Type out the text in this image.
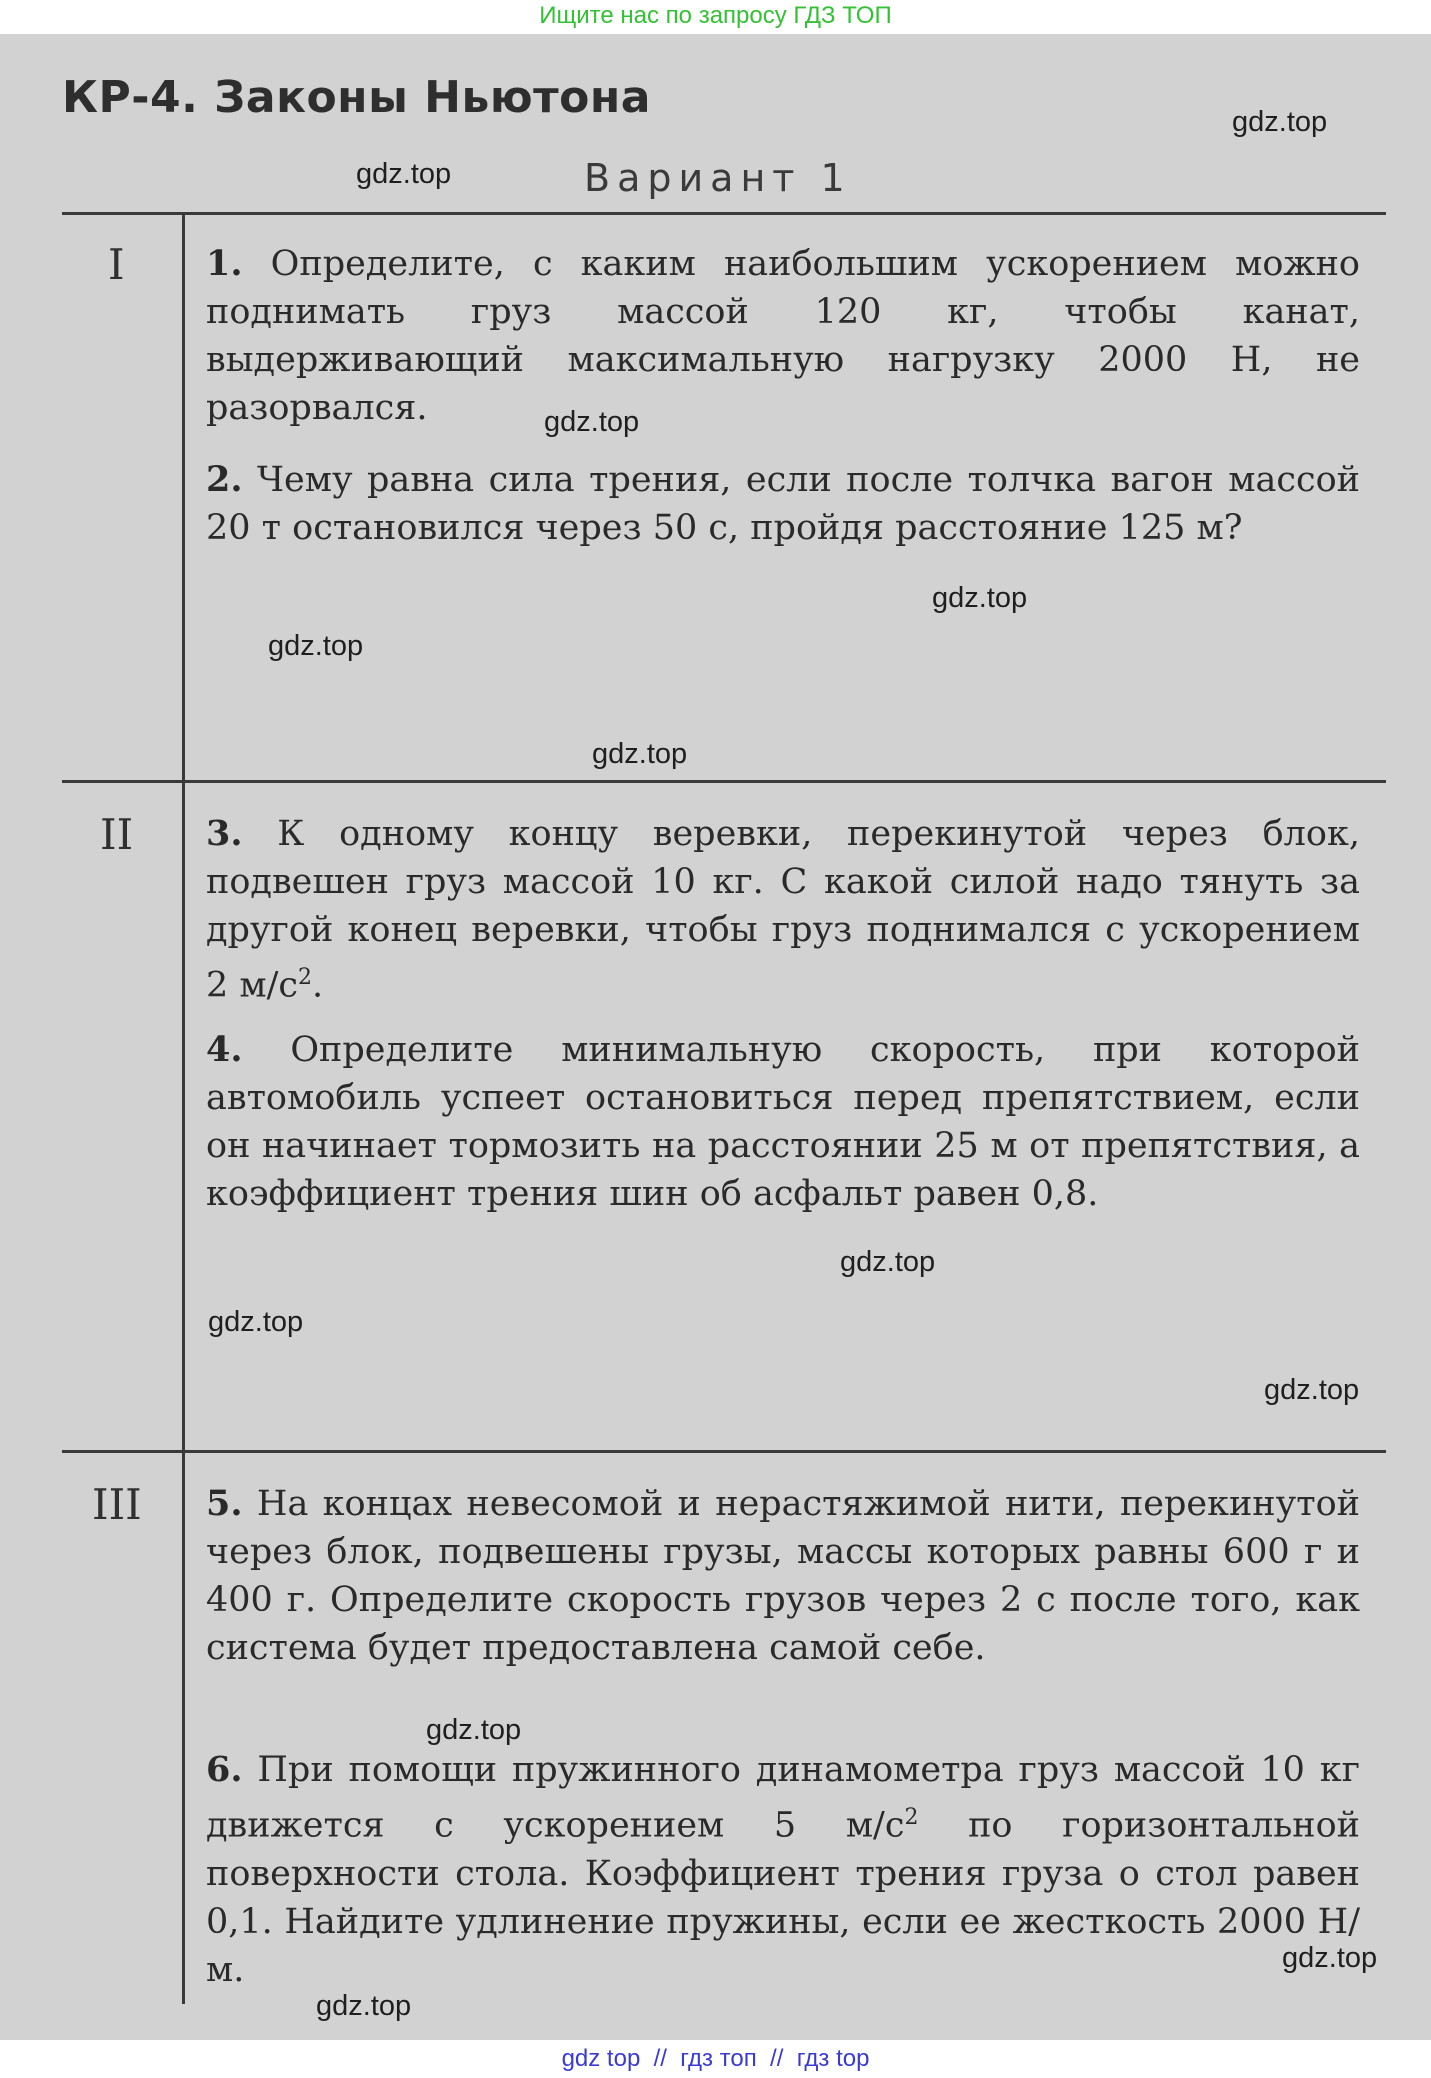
Ищите нас по запросу ГДЗ ТОП
КР-4. Законы Ньютона
Вариант 1
I
II
III

1. Определите, с каким наибольшим ускорением можно поднимать груз массой 120 кг, чтобы канат, выдерживающий максимальную нагрузку 2000 Н, не разорвался.

2. Чему равна сила трения, если после толчка вагон массой 20 т остановился через 50 с, пройдя расстояние 125 м?

3. К одному концу веревки, перекинутой через блок, подвешен груз массой 10 кг. С какой силой надо тянуть за другой конец веревки, чтобы груз поднимался с ускорением 2 $м/с^2$.

4. Определите минимальную скорость, при которой автомобиль успеет остановиться перед препятствием, если он начинает тормозить на расстоянии 25 м от препятствия, а коэффициент трения шин об асфальт равен 0,8.

5. На концах невесомой и нерастяжимой нити, перекинутой через блок, подвешены грузы, массы которых равны 600 г и 400 г. Определите скорость грузов через 2 с после того, как система будет предоставлена самой себе.

6. При помощи пружинного динамометра груз массой 10 кг движется с ускорением 5 $м/с^2$ по горизонтальной поверхности стола. Коэффициент трения груза о стол равен 0,1. Найдите удлинение пружины, если ее жесткость 2000 Н/м.

gdz.top
gdz.top
gdz.top
gdz.top
gdz.top
gdz.top
gdz.top
gdz.top
gdz.top
gdz.top
gdz.top
gdz.top
gdz top  //  гдз топ  //  гдз top
